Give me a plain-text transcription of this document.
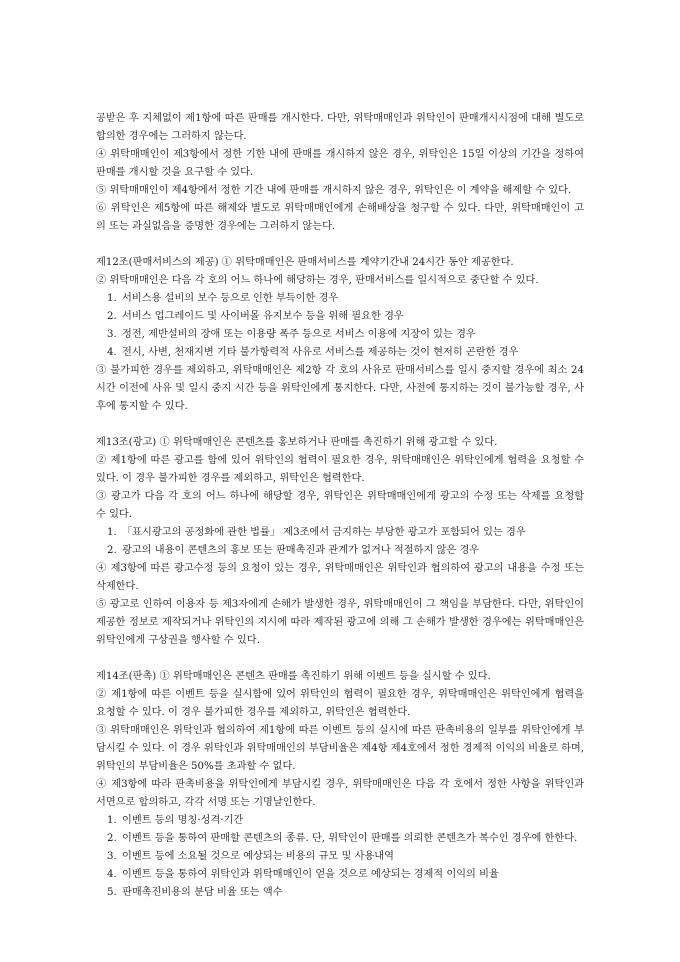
공받은 후 지체없이 제1항에 따른 판매를 개시한다. 다만, 위탁매매인과 위탁인이 판매개시시점에 대해 별도로 합의한 경우에는 그러하지 않는다.

④ 위탁매매인이 제3항에서 정한 기한 내에 판매를 개시하지 않은 경우, 위탁인은 15일 이상의 기간을 정하여 판매를 개시할 것을 요구할 수 있다.

⑤ 위탁매매인이 제4항에서 정한 기간 내에 판매를 개시하지 않은 경우, 위탁인은 이 계약을 해제할 수 있다.

⑥ 위탁인은 제5항에 따른 해제와 별도로 위탁매매인에게 손해배상을 청구할 수 있다. 다만, 위탁매매인이 고의 또는 과실없음을 증명한 경우에는 그러하지 않는다.

제12조(판매서비스의 제공) ① 위탁매매인은 판매서비스를 계약기간내 24시간 동안 제공한다.

② 위탁매매인은 다음 각 호의 어느 하나에 해당하는 경우, 판매서비스를 일시적으로 중단할 수 있다.

1. 서비스용 설비의 보수 등으로 인한 부득이한 경우

2. 서비스 업그레이드 및 사이버몰 유지보수 등을 위해 필요한 경우

3. 정전, 제반설비의 장애 또는 이용량 폭주 등으로 서비스 이용에 지장이 있는 경우

4. 전시, 사변, 천재지변 기타 불가항력적 사유로 서비스를 제공하는 것이 현저히 곤란한 경우

③ 불가피한 경우를 제외하고, 위탁매매인은 제2항 각 호의 사유로 판매서비스를 일시 중지할 경우에 최소 24시간 이전에 사유 및 일시 중지 시간 등을 위탁인에게 통지한다. 다만, 사전에 통지하는 것이 불가능할 경우, 사후에 통지할 수 있다.

제13조(광고) ① 위탁매매인은 콘텐츠를 홍보하거나 판매를 촉진하기 위해 광고할 수 있다.

② 제1항에 따른 광고를 함에 있어 위탁인의 협력이 필요한 경우, 위탁매매인은 위탁인에게 협력을 요청할 수 있다. 이 경우 불가피한 경우를 제외하고, 위탁인은 협력한다.

③ 광고가 다음 각 호의 어느 하나에 해당할 경우, 위탁인은 위탁매매인에게 광고의 수정 또는 삭제를 요청할 수 있다.

1. 「표시광고의 공정화에 관한 법률」 제3조에서 금지하는 부당한 광고가 포함되어 있는 경우

2. 광고의 내용이 콘텐츠의 홍보 또는 판매촉진과 관계가 없거나 적절하지 않은 경우

④ 제3항에 따른 광고수정 등의 요청이 있는 경우, 위탁매매인은 위탁인과 협의하여 광고의 내용을 수정 또는 삭제한다.

⑤ 광고로 인하여 이용자 등 제3자에게 손해가 발생한 경우, 위탁매매인이 그 책임을 부담한다. 다만, 위탁인이 제공한 정보로 제작되거나 위탁인의 지시에 따라 제작된 광고에 의해 그 손해가 발생한 경우에는 위탁매매인은 위탁인에게 구상권을 행사할 수 있다.

제14조(판촉) ① 위탁매매인은 콘텐츠 판매를 촉진하기 위해 이벤트 등을 실시할 수 있다.

② 제1항에 따른 이벤트 등을 실시함에 있어 위탁인의 협력이 필요한 경우, 위탁매매인은 위탁인에게 협력을 요청할 수 있다. 이 경우 불가피한 경우를 제외하고, 위탁인은 협력한다.

③ 위탁매매인은 위탁인과 협의하여 제1항에 따른 이벤트 등의 실시에 따른 판촉비용의 일부를 위탁인에게 부담시킬 수 있다. 이 경우 위탁인과 위탁매매인의 부담비율은 제4항 제4호에서 정한 경제적 이익의 비율로 하며, 위탁인의 부담비율은 50%를 초과할 수 없다.

④ 제3항에 따라 판촉비용을 위탁인에게 부담시킬 경우, 위탁매매인은 다음 각 호에서 정한 사항을 위탁인과 서면으로 합의하고, 각각 서명 또는 기명날인한다.

1. 이벤트 등의 명칭·성격·기간

2. 이벤트 등을 통하여 판매할 콘텐츠의 종류. 단, 위탁인이 판매를 의뢰한 콘텐츠가 복수인 경우에 한한다.

3. 이벤트 등에 소요될 것으로 예상되는 비용의 규모 및 사용내역

4. 이벤트 등을 통하여 위탁인과 위탁매매인이 얻을 것으로 예상되는 경제적 이익의 비율

5. 판매촉진비용의 분담 비율 또는 액수
